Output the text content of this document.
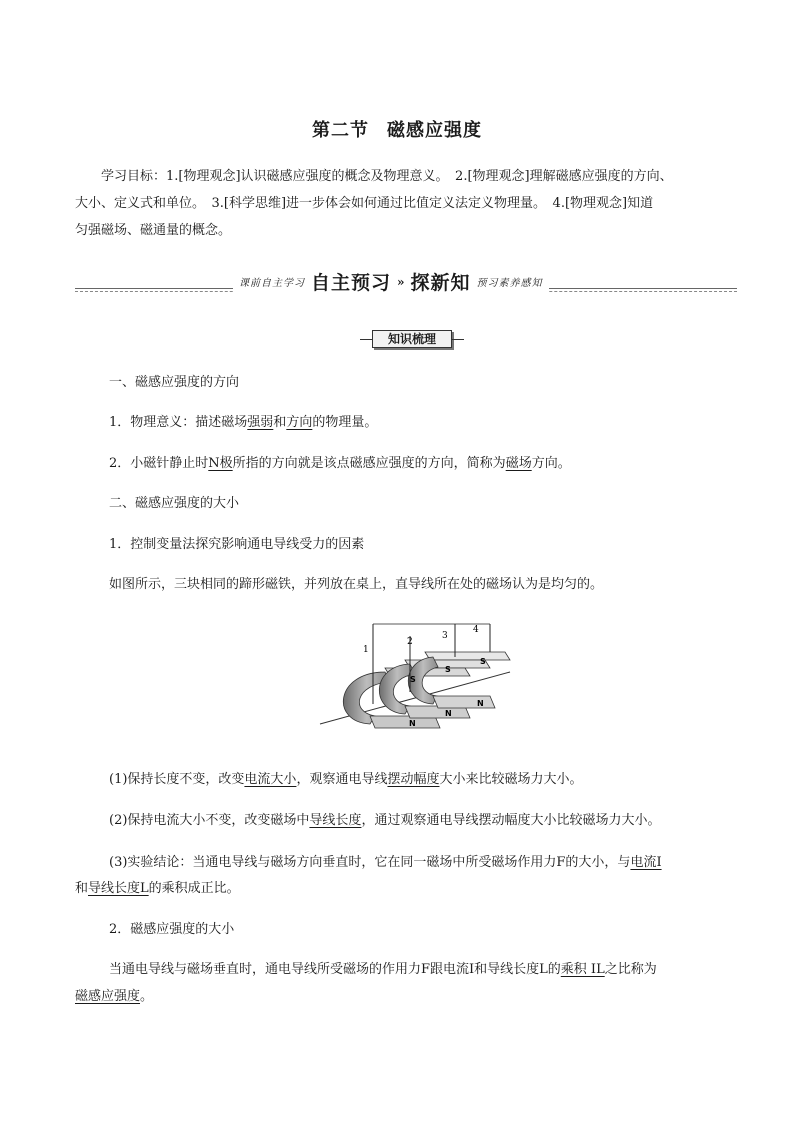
第二节 磁感应强度
学习目标：1.[物理观念]认识磁感应强度的概念及物理意义。　2.[物理观念]理解磁感应强度的方向、
大小、定义式和单位。　3.[科学思维]进一步体会如何通过比值定义法定义物理量。　4.[物理观念]知道
匀强磁场、磁通量的概念。
课前自主学习 自主预习 » 探新知 预习素养感知
知识梳理
一、磁感应强度的方向
1．物理意义：描述磁场强弱和方向的物理量。
2．小磁针静止时N极所指的方向就是该点磁感应强度的方向，简称为磁场方向。
二、磁感应强度的大小
1．控制变量法探究影响通电导线受力的因素
如图所示，三块相同的蹄形磁铁，并列放在桌上，直导线所在处的磁场认为是均匀的。
1
2
3
4
S
S
S
N
N
N
(1)保持长度不变，改变电流大小，观察通电导线摆动幅度大小来比较磁场力大小。
(2)保持电流大小不变，改变磁场中导线长度，通过观察通电导线摆动幅度大小比较磁场力大小。
(3)实验结论：当通电导线与磁场方向垂直时，它在同一磁场中所受磁场作用力F的大小，与电流I
和导线长度L的乘积成正比。
2．磁感应强度的大小
当通电导线与磁场垂直时，通电导线所受磁场的作用力F跟电流I和导线长度L的乘积 IL之比称为
磁感应强度。
